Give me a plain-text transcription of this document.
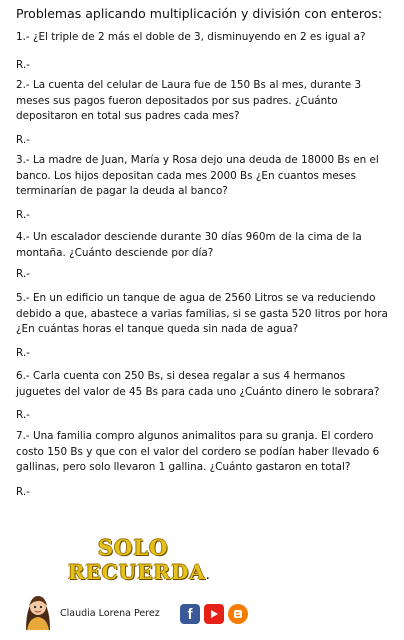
Problemas aplicando multiplicación y división con enteros:
1.- ¿El triple de 2 más el doble de 3, disminuyendo en 2 es igual a?
R.-
2.- La cuenta del celular de Laura fue de 150 Bs al mes, durante 3 meses sus pagos fueron depositados por sus padres. ¿Cuánto depositaron en total sus padres cada mes?
R.-
3.- La madre de Juan, María y Rosa dejo una deuda de 18000 Bs en el banco. Los hijos depositan cada mes 2000 Bs ¿En cuantos meses terminarían de pagar la deuda al banco?
R.-
4.- Un escalador desciende durante 30 días 960m de la cima de la montaña. ¿Cuánto desciende por día?
R.-
5.- En un edificio un tanque de agua de 2560 Litros se va reduciendo debido a que, abastece a varias familias, si se gasta 520 litros por hora ¿En cuántas horas el tanque queda sin nada de agua?
R.-
6.- Carla cuenta con 250 Bs, si desea regalar a sus 4 hermanos juguetes del valor de 45 Bs para cada uno ¿Cuánto dinero le sobrara?
R.-
7.- Una familia compro algunos animalitos para su granja. El cordero costo 150 Bs y que con el valor del cordero se podían haber llevado 6 gallinas, pero solo llevaron 1 gallina. ¿Cuánto gastaron en total?
R.-
SOLO
RECUERDA.
Claudia Lorena Perez f
